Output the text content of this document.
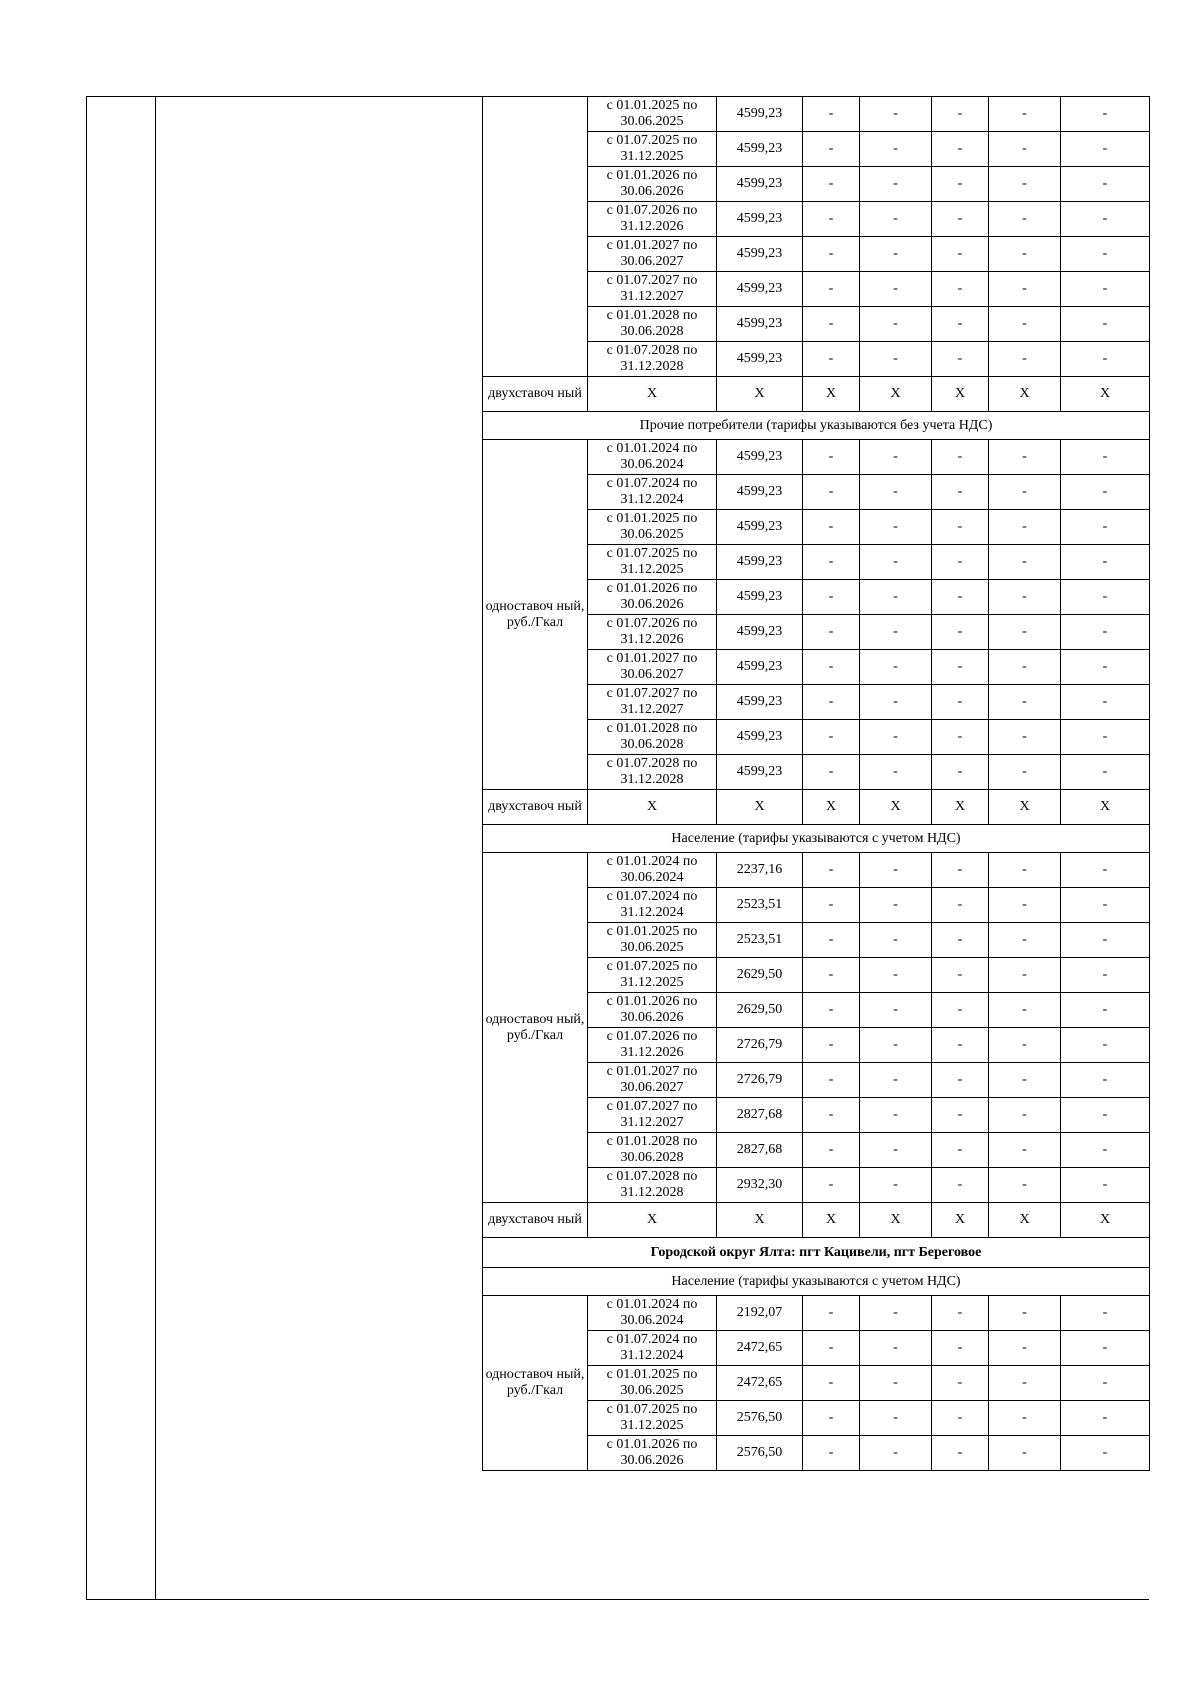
	с 01.01.2025 по 30.06.2025	4599,23	-	-	-	-	-
	с 01.07.2025 по 31.12.2025	4599,23	-	-	-	-	-
	с 01.01.2026 по 30.06.2026	4599,23	-	-	-	-	-
	с 01.07.2026 по 31.12.2026	4599,23	-	-	-	-	-
	с 01.01.2027 по 30.06.2027	4599,23	-	-	-	-	-
	с 01.07.2027 по 31.12.2027	4599,23	-	-	-	-	-
	с 01.01.2028 по 30.06.2028	4599,23	-	-	-	-	-
	с 01.07.2028 по 31.12.2028	4599,23	-	-	-	-	-
двухставоч ный	X	X	X	X	X	X	X
Прочие потребители (тарифы указываются без учета НДС)							
одноставоч ный, руб./Гкал	с 01.01.2024 по 30.06.2024	4599,23	-	-	-	-	-
	с 01.07.2024 по 31.12.2024	4599,23	-	-	-	-	-
	с 01.01.2025 по 30.06.2025	4599,23	-	-	-	-	-
	с 01.07.2025 по 31.12.2025	4599,23	-	-	-	-	-
	с 01.01.2026 по 30.06.2026	4599,23	-	-	-	-	-
	с 01.07.2026 по 31.12.2026	4599,23	-	-	-	-	-
	с 01.01.2027 по 30.06.2027	4599,23	-	-	-	-	-
	с 01.07.2027 по 31.12.2027	4599,23	-	-	-	-	-
	с 01.01.2028 по 30.06.2028	4599,23	-	-	-	-	-
	с 01.07.2028 по 31.12.2028	4599,23	-	-	-	-	-
двухставоч ный	X	X	X	X	X	X	X
Население (тарифы указываются с учетом НДС)							
одноставоч ный, руб./Гкал	с 01.01.2024 по 30.06.2024	2237,16	-	-	-	-	-
	с 01.07.2024 по 31.12.2024	2523,51	-	-	-	-	-
	с 01.01.2025 по 30.06.2025	2523,51	-	-	-	-	-
	с 01.07.2025 по 31.12.2025	2629,50	-	-	-	-	-
	с 01.01.2026 по 30.06.2026	2629,50	-	-	-	-	-
	с 01.07.2026 по 31.12.2026	2726,79	-	-	-	-	-
	с 01.01.2027 по 30.06.2027	2726,79	-	-	-	-	-
	с 01.07.2027 по 31.12.2027	2827,68	-	-	-	-	-
	с 01.01.2028 по 30.06.2028	2827,68	-	-	-	-	-
	с 01.07.2028 по 31.12.2028	2932,30	-	-	-	-	-
двухставоч ный	X	X	X	X	X	X	X
Городской округ Ялта: пгт Кацивели, пгт Береговое							
Население (тарифы указываются с учетом НДС)							
одноставоч ный, руб./Гкал	с 01.01.2024 по 30.06.2024	2192,07	-	-	-	-	-
	с 01.07.2024 по 31.12.2024	2472,65	-	-	-	-	-
	с 01.01.2025 по 30.06.2025	2472,65	-	-	-	-	-
	с 01.07.2025 по 31.12.2025	2576,50	-	-	-	-	-
	с 01.01.2026 по 30.06.2026	2576,50	-	-	-	-	-
